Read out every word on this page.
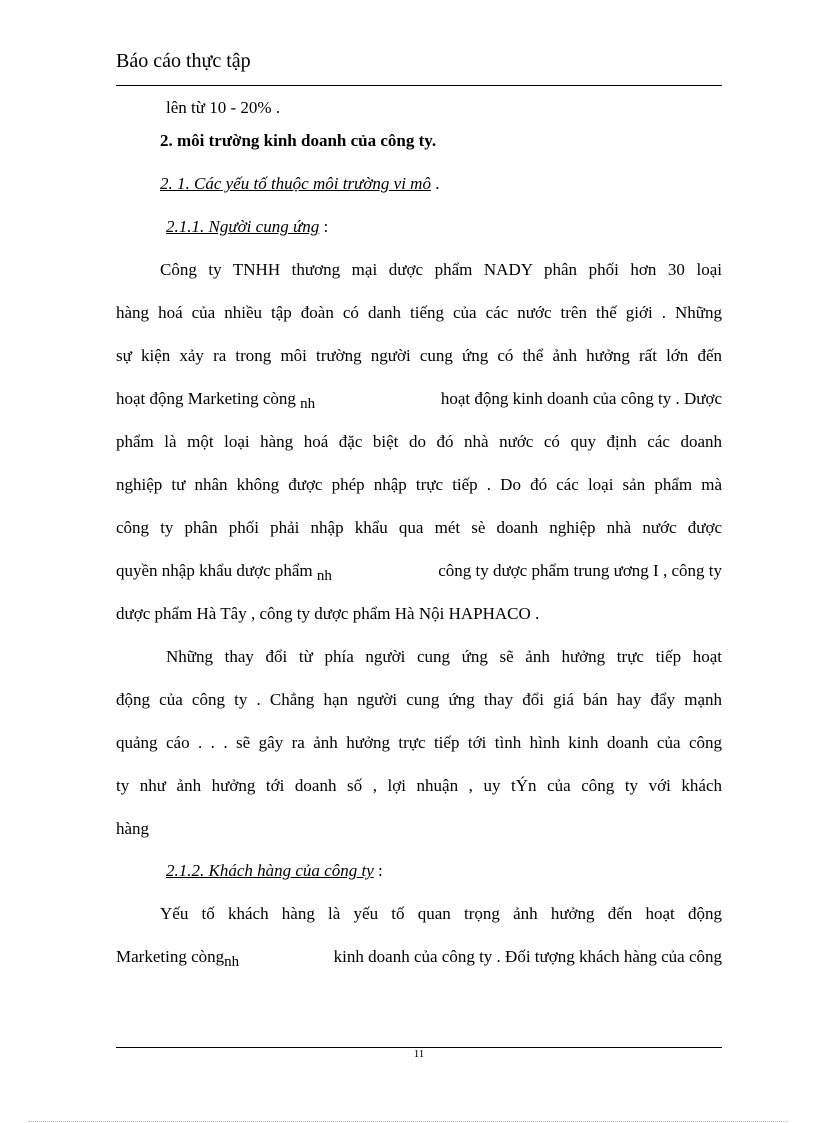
Báo cáo thực tập
lên từ 10 - 20% .
2. môi trường kinh doanh của công ty.
2. 1. Các yếu tố thuộc môi trường vi mô .
2.1.1. Người cung ứng :
Công ty TNHH thương mại dược phẩm NADY phân phối hơn 30 loại
hàng hoá của nhiều tập đoàn có danh tiếng của các nước trên thế giới . Những
sự kiện xảy ra trong môi trường người cung ứng có thể ảnh hưởng rất lớn đến
hoạt động Marketing còng nh	hoạt động kinh doanh của công ty . Dược
phẩm là một loại hàng hoá đặc biệt do đó nhà nước có quy định các doanh
nghiệp tư nhân không được phép nhập trực tiếp . Do đó các loại sản phẩm mà
công ty phân phối phải nhập khẩu qua mét sè doanh nghiệp nhà nước được
quyền nhập khẩu dược phẩm nh	công ty dược phẩm trung ương I , công ty
dược phẩm Hà Tây , công ty dược phẩm Hà Nội HAPHACO .
Những thay đổi từ phía người cung ứng sẽ ảnh hưởng trực tiếp hoạt
động của công ty . Chẳng hạn người cung ứng thay đổi giá bán hay đẩy mạnh
quảng cáo . . . sẽ gây ra ảnh hưởng trực tiếp tới tình hình kinh doanh của công
ty như ảnh hưởng tới doanh số , lợi nhuận , uy tÝn của công ty với khách
hàng
2.1.2. Khách hàng của công ty :
Yếu tố khách hàng là yếu tố quan trọng ảnh hưởng đến hoạt động
Marketing còngnh	kinh doanh của công ty . Đối tượng khách hàng của công
11
